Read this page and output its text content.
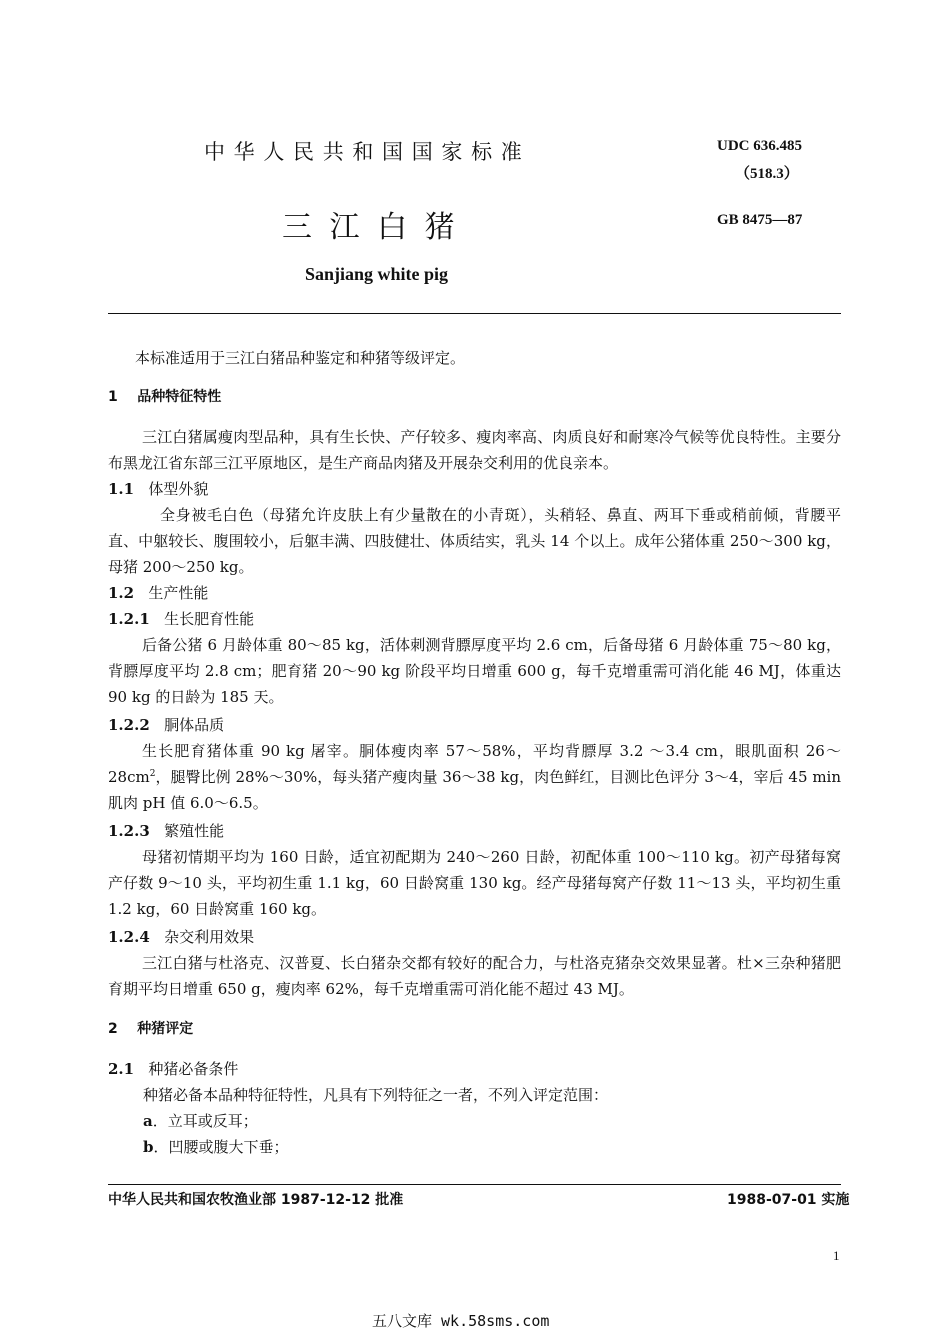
中 华 人 民 共 和 国 国 家 标 准	UDC 636.485
（518.3）
三 江 白 猪	GB 8475—87
Sanjiang white pig
本标准适用于三江白猪品种鉴定和种猪等级评定。
1 品种特征特性
三江白猪属瘦肉型品种，具有生长快、产仔较多、瘦肉率高、肉质良好和耐寒冷气候等优良特性。主要分布黑龙江省东部三江平原地区，是生产商品肉猪及开展杂交利用的优良亲本。
1.1 体型外貌
全身被毛白色（母猪允许皮肤上有少量散在的小青斑），头稍轻、鼻直、两耳下垂或稍前倾，背腰平直、中躯较长、腹围较小，后躯丰满、四肢健壮、体质结实，乳头 14 个以上。成年公猪体重 250～300 kg，母猪 200～250 kg。
1.2 生产性能
1.2.1 生长肥育性能
后备公猪 6 月龄体重 80～85 kg，活体刺测背膘厚度平均 2.6 cm，后备母猪 6 月龄体重 75～80 kg，背膘厚度平均 2.8 cm；肥育猪 20～90 kg 阶段平均日增重 600 g，每千克增重需可消化能 46 MJ，体重达 90 kg 的日龄为 185 天。
1.2.2 胴体品质
生长肥育猪体重 90 kg 屠宰。胴体瘦肉率 57～58%，平均背膘厚 3.2 ～3.4 cm，眼肌面积 $26\sim 28cm^2$，腿臀比例 28%～30%，每头猪产瘦肉量 36～38 kg，肉色鲜红，目测比色评分 3～4，宰后 45 min 肌肉 pH 值 6.0～6.5。
1.2.3 繁殖性能
母猪初情期平均为 160 日龄，适宜初配期为 240～260 日龄，初配体重 100～110 kg。初产母猪每窝产仔数 9～10 头，平均初生重 1.1 kg，60 日龄窝重 130 kg。经产母猪每窝产仔数 11～13 头，平均初生重 1.2 kg，60 日龄窝重 160 kg。
1.2.4 杂交利用效果
三江白猪与杜洛克、汉普夏、长白猪杂交都有较好的配合力，与杜洛克猪杂交效果显著。杜×三杂种猪肥育期平均日增重 650 g，瘦肉率 62%，每千克增重需可消化能不超过 43 MJ。
2 种猪评定
2.1 种猪必备条件
种猪必备本品种特征特性，凡具有下列特征之一者，不列入评定范围：
a．立耳或反耳；
b．凹腰或腹大下垂；
中华人民共和国农牧渔业部 1987-12-12 批准	1988-07-01 实施
1
五八文库 wk.58sms.com
